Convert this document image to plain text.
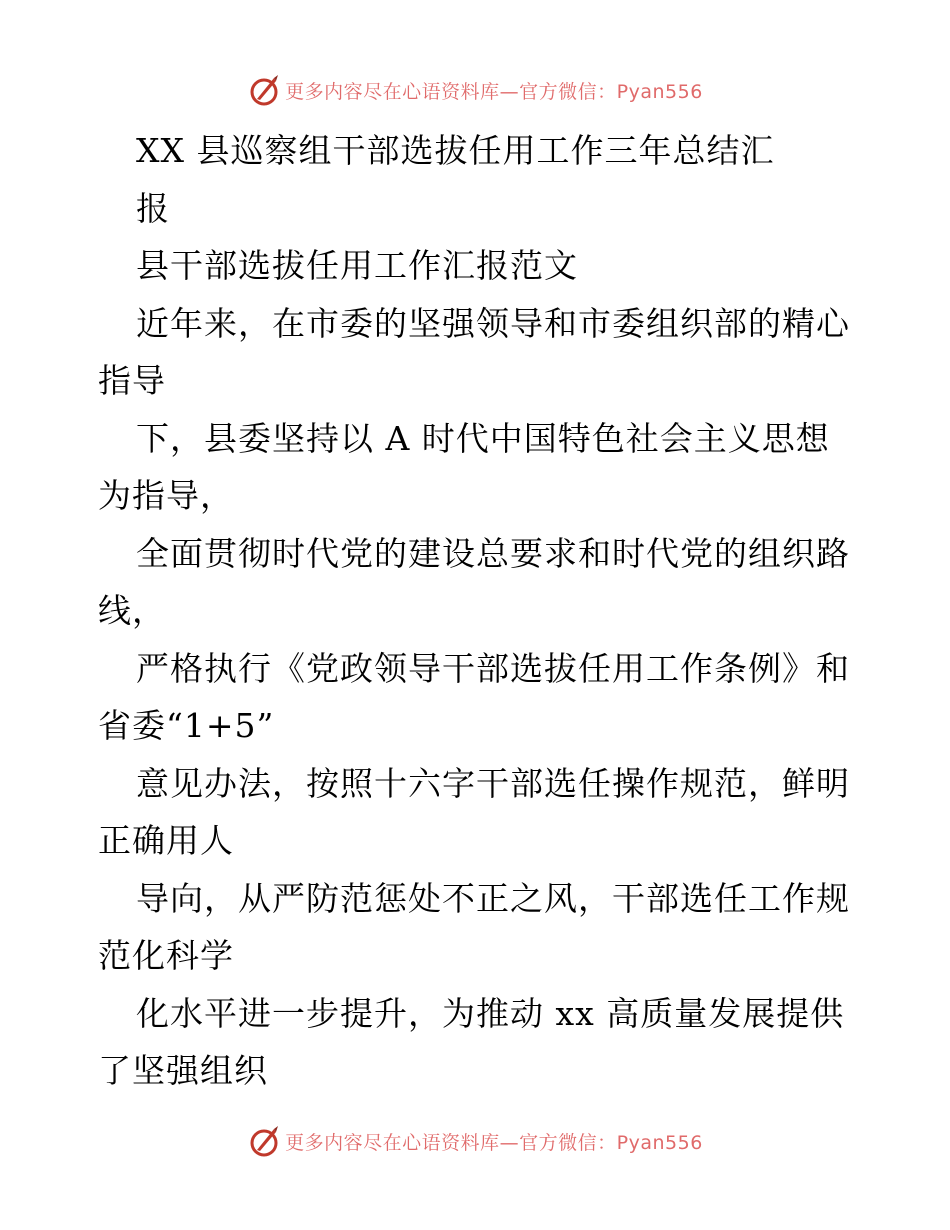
更多内容尽在心语资料库—官方微信：Pyan556
XX 县巡察组干部选拔任用工作三年总结汇
报
县干部选拔任用工作汇报范文
近年来，在市委的坚强领导和市委组织部的精心
指导
下，县委坚持以 A 时代中国特色社会主义思想
为指导，
全面贯彻时代党的建设总要求和时代党的组织路
线，
严格执行《党政领导干部选拔任用工作条例》和
省委“1+5”
意见办法，按照十六字干部选任操作规范，鲜明
正确用人
导向，从严防范惩处不正之风，干部选任工作规
范化科学
化水平进一步提升，为推动 xx 高质量发展提供
了坚强组织
更多内容尽在心语资料库—官方微信：Pyan556
